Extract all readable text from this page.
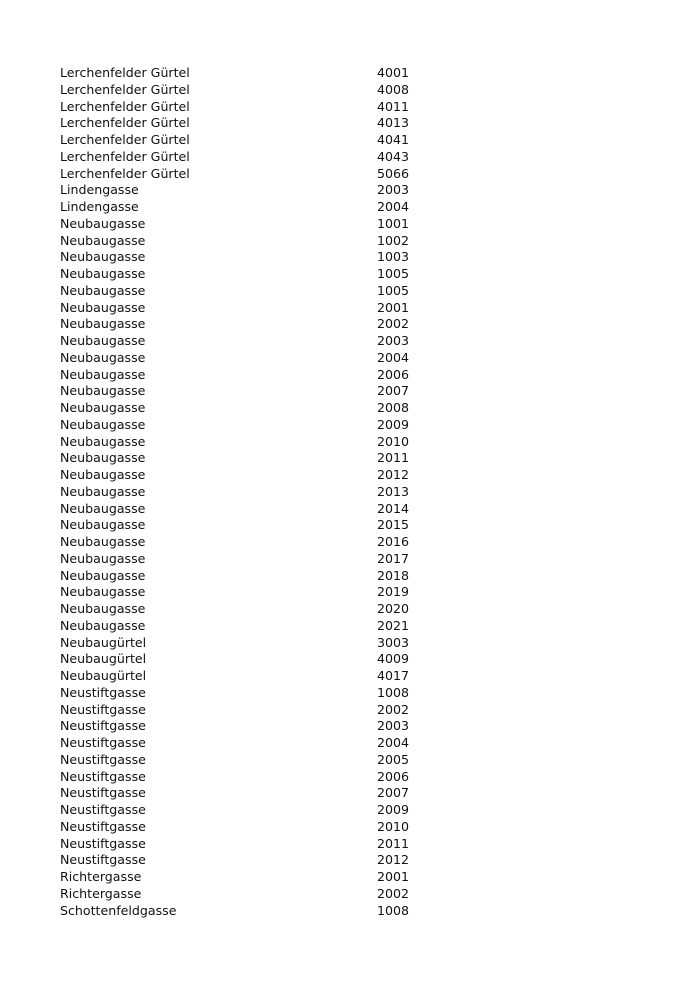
Lerchenfelder Gürtel	4001
Lerchenfelder Gürtel	4008
Lerchenfelder Gürtel	4011
Lerchenfelder Gürtel	4013
Lerchenfelder Gürtel	4041
Lerchenfelder Gürtel	4043
Lerchenfelder Gürtel	5066
Lindengasse	2003
Lindengasse	2004
Neubaugasse	1001
Neubaugasse	1002
Neubaugasse	1003
Neubaugasse	1005
Neubaugasse	1005
Neubaugasse	2001
Neubaugasse	2002
Neubaugasse	2003
Neubaugasse	2004
Neubaugasse	2006
Neubaugasse	2007
Neubaugasse	2008
Neubaugasse	2009
Neubaugasse	2010
Neubaugasse	2011
Neubaugasse	2012
Neubaugasse	2013
Neubaugasse	2014
Neubaugasse	2015
Neubaugasse	2016
Neubaugasse	2017
Neubaugasse	2018
Neubaugasse	2019
Neubaugasse	2020
Neubaugasse	2021
Neubaugürtel	3003
Neubaugürtel	4009
Neubaugürtel	4017
Neustiftgasse	1008
Neustiftgasse	2002
Neustiftgasse	2003
Neustiftgasse	2004
Neustiftgasse	2005
Neustiftgasse	2006
Neustiftgasse	2007
Neustiftgasse	2009
Neustiftgasse	2010
Neustiftgasse	2011
Neustiftgasse	2012
Richtergasse	2001
Richtergasse	2002
Schottenfeldgasse	1008
